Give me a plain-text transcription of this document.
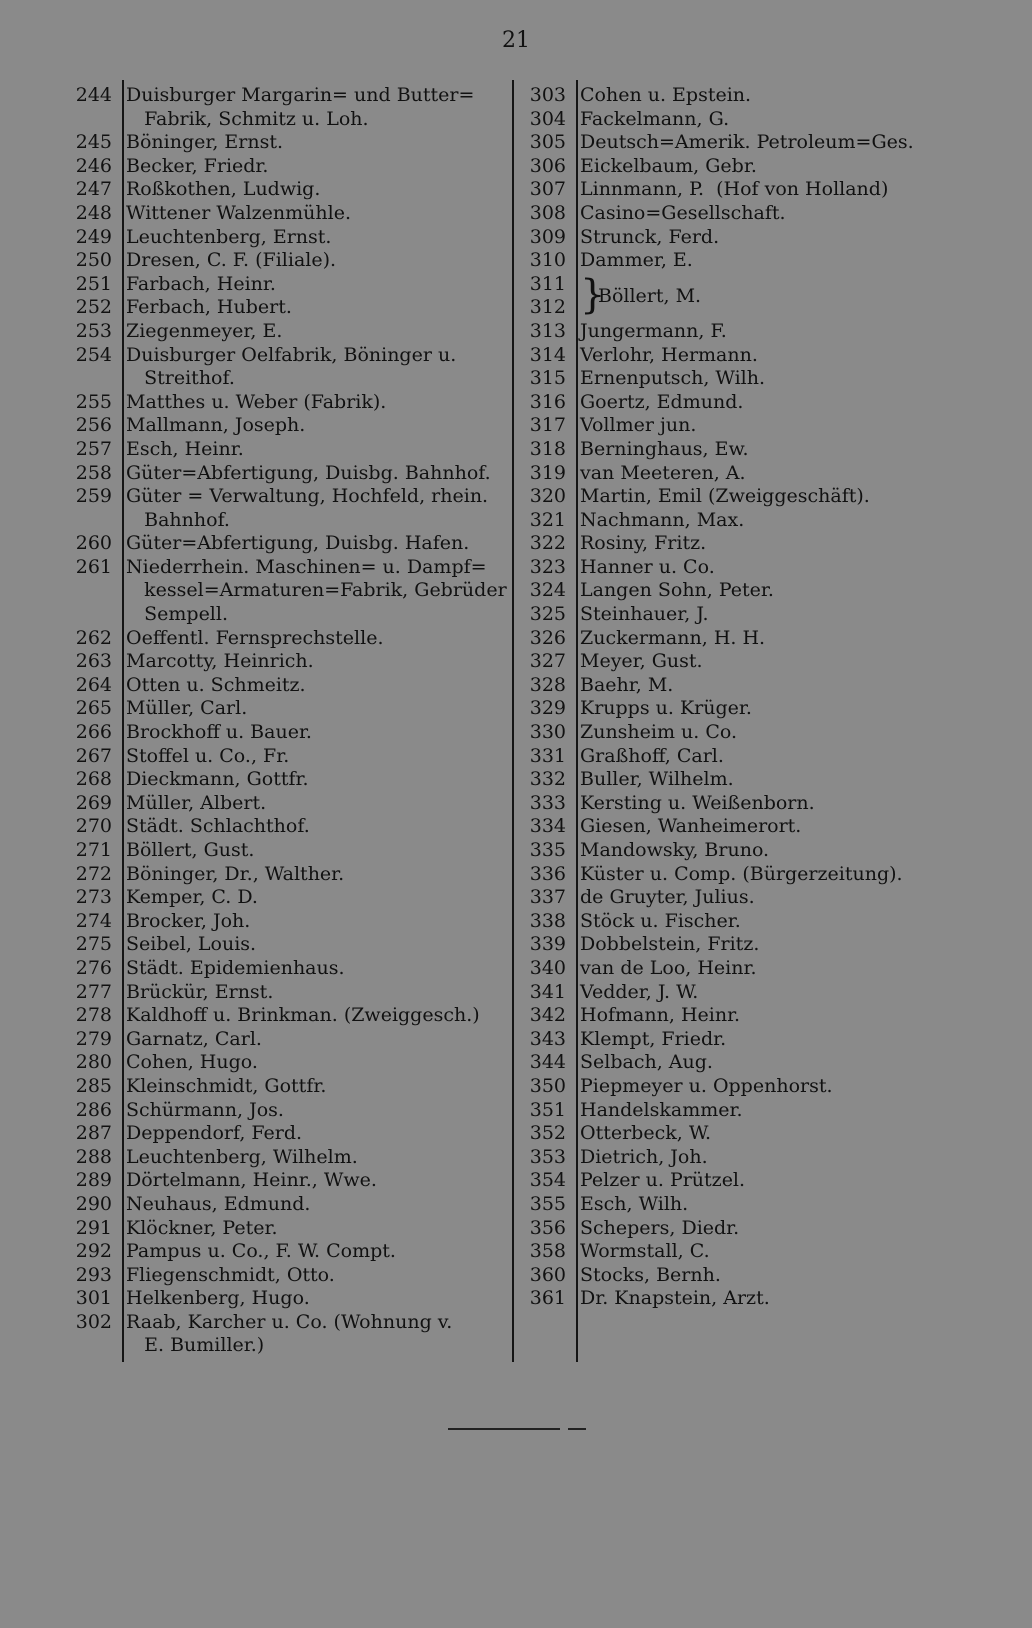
21
244 Duisburger Margarin= und Butter=
Fabrik, Schmitz u. Loh.
245 Böninger, Ernst.
246 Becker, Friedr.
247 Roßkothen, Ludwig.
248 Wittener Walzenmühle.
249 Leuchtenberg, Ernst.
250 Dresen, C. F. (Filiale).
251 Farbach, Heinr.
252 Ferbach, Hubert.
253 Ziegenmeyer, E.
254 Duisburger Oelfabrik, Böninger u.
Streithof.
255 Matthes u. Weber (Fabrik).
256 Mallmann, Joseph.
257 Esch, Heinr.
258 Güter=Abfertigung, Duisbg. Bahnhof.
259 Güter = Verwaltung, Hochfeld, rhein.
Bahnhof.
260 Güter=Abfertigung, Duisbg. Hafen.
261 Niederrhein. Maschinen= u. Dampf=
kessel=Armaturen=Fabrik, Gebrüder
Sempell.
262 Oeffentl. Fernsprechstelle.
263 Marcotty, Heinrich.
264 Otten u. Schmeitz.
265 Müller, Carl.
266 Brockhoff u. Bauer.
267 Stoffel u. Co., Fr.
268 Dieckmann, Gottfr.
269 Müller, Albert.
270 Städt. Schlachthof.
271 Böllert, Gust.
272 Böninger, Dr., Walther.
273 Kemper, C. D.
274 Brocker, Joh.
275 Seibel, Louis.
276 Städt. Epidemienhaus.
277 Brückür, Ernst.
278 Kaldhoff u. Brinkman. (Zweiggesch.)
279 Garnatz, Carl.
280 Cohen, Hugo.
285 Kleinschmidt, Gottfr.
286 Schürmann, Jos.
287 Deppendorf, Ferd.
288 Leuchtenberg, Wilhelm.
289 Dörtelmann, Heinr., Wwe.
290 Neuhaus, Edmund.
291 Klöckner, Peter.
292 Pampus u. Co., F. W. Compt.
293 Fliegenschmidt, Otto.
301 Helkenberg, Hugo.
302 Raab, Karcher u. Co. (Wohnung v.
E. Bumiller.)
303 Cohen u. Epstein.
304 Fackelmann, G.
305 Deutsch=Amerik. Petroleum=Ges.
306 Eickelbaum, Gebr.
307 Linnmann, P.  (Hof von Holland)
308 Casino=Gesellschaft.
309 Strunck, Ferd.
310 Dammer, E.
311
312 }
Böllert, M.
313 Jungermann, F.
314 Verlohr, Hermann.
315 Ernenputsch, Wilh.
316 Goertz, Edmund.
317 Vollmer jun.
318 Berninghaus, Ew.
319 van Meeteren, A.
320 Martin, Emil (Zweiggeschäft).
321 Nachmann, Max.
322 Rosiny, Fritz.
323 Hanner u. Co.
324 Langen Sohn, Peter.
325 Steinhauer, J.
326 Zuckermann, H. H.
327 Meyer, Gust.
328 Baehr, M.
329 Krupps u. Krüger.
330 Zunsheim u. Co.
331 Graßhoff, Carl.
332 Buller, Wilhelm.
333 Kersting u. Weißenborn.
334 Giesen, Wanheimerort.
335 Mandowsky, Bruno.
336 Küster u. Comp. (Bürgerzeitung).
337 de Gruyter, Julius.
338 Stöck u. Fischer.
339 Dobbelstein, Fritz.
340 van de Loo, Heinr.
341 Vedder, J. W.
342 Hofmann, Heinr.
343 Klempt, Friedr.
344 Selbach, Aug.
350 Piepmeyer u. Oppenhorst.
351 Handelskammer.
352 Otterbeck, W.
353 Dietrich, Joh.
354 Pelzer u. Prützel.
355 Esch, Wilh.
356 Schepers, Diedr.
358 Wormstall, C.
360 Stocks, Bernh.
361 Dr. Knapstein, Arzt.
